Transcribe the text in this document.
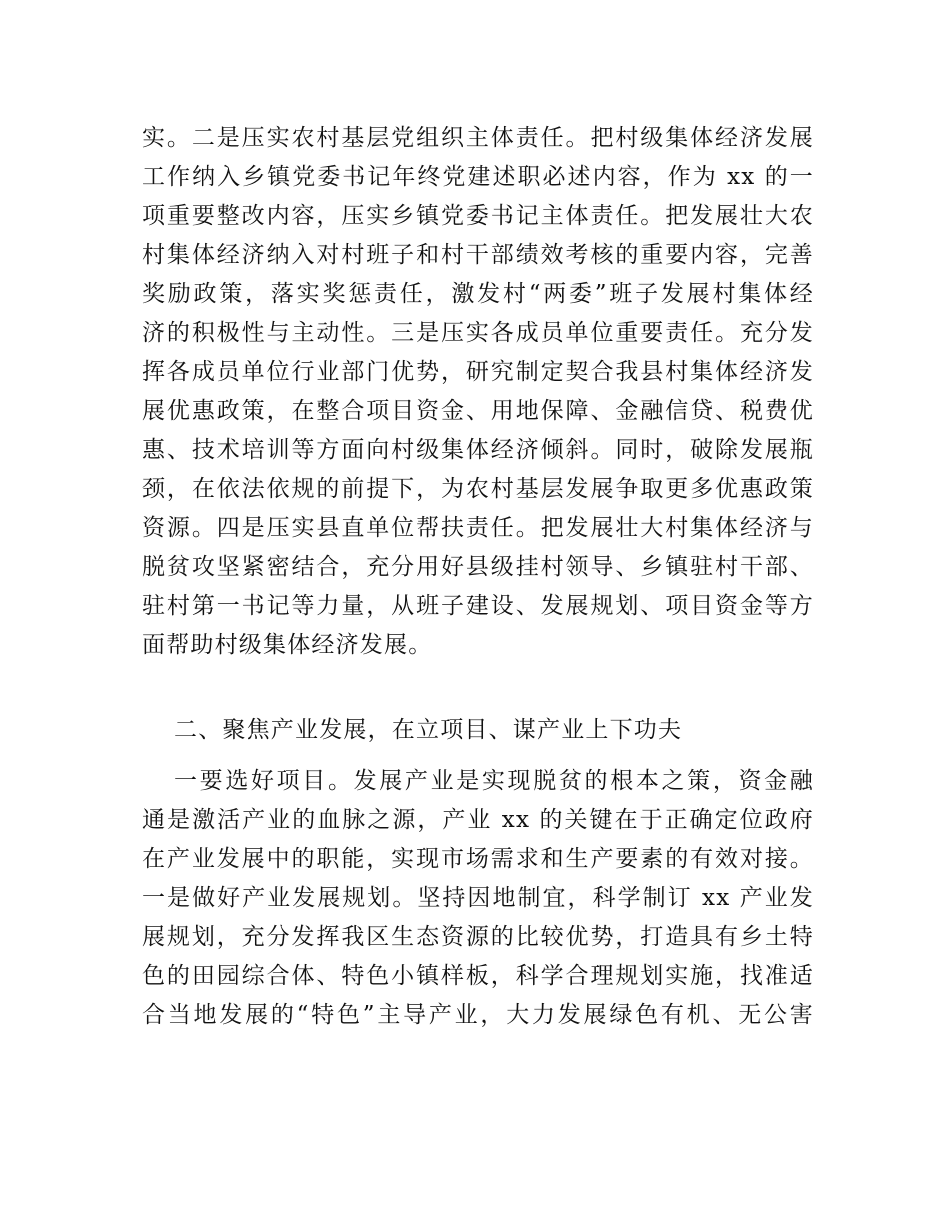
实。二是压实农村基层党组织主体责任。把村级集体经济发展
工作纳入乡镇党委书记年终党建述职必述内容，作为 xx 的一
项重要整改内容，压实乡镇党委书记主体责任。把发展壮大农
村集体经济纳入对村班子和村干部绩效考核的重要内容，完善
奖励政策，落实奖惩责任，激发村“两委”班子发展村集体经
济的积极性与主动性。三是压实各成员单位重要责任。充分发
挥各成员单位行业部门优势，研究制定契合我县村集体经济发
展优惠政策，在整合项目资金、用地保障、金融信贷、税费优
惠、技术培训等方面向村级集体经济倾斜。同时，破除发展瓶
颈，在依法依规的前提下，为农村基层发展争取更多优惠政策
资源。四是压实县直单位帮扶责任。把发展壮大村集体经济与
脱贫攻坚紧密结合，充分用好县级挂村领导、乡镇驻村干部、
驻村第一书记等力量，从班子建设、发展规划、项目资金等方
面帮助村级集体经济发展。
二、聚焦产业发展，在立项目、谋产业上下功夫
一要选好项目。发展产业是实现脱贫的根本之策，资金融
通是激活产业的血脉之源，产业 xx 的关键在于正确定位政府
在产业发展中的职能，实现市场需求和生产要素的有效对接。
一是做好产业发展规划。坚持因地制宜，科学制订 xx 产业发
展规划，充分发挥我区生态资源的比较优势，打造具有乡土特
色的田园综合体、特色小镇样板，科学合理规划实施，找准适
合当地发展的“特色”主导产业，大力发展绿色有机、无公害
